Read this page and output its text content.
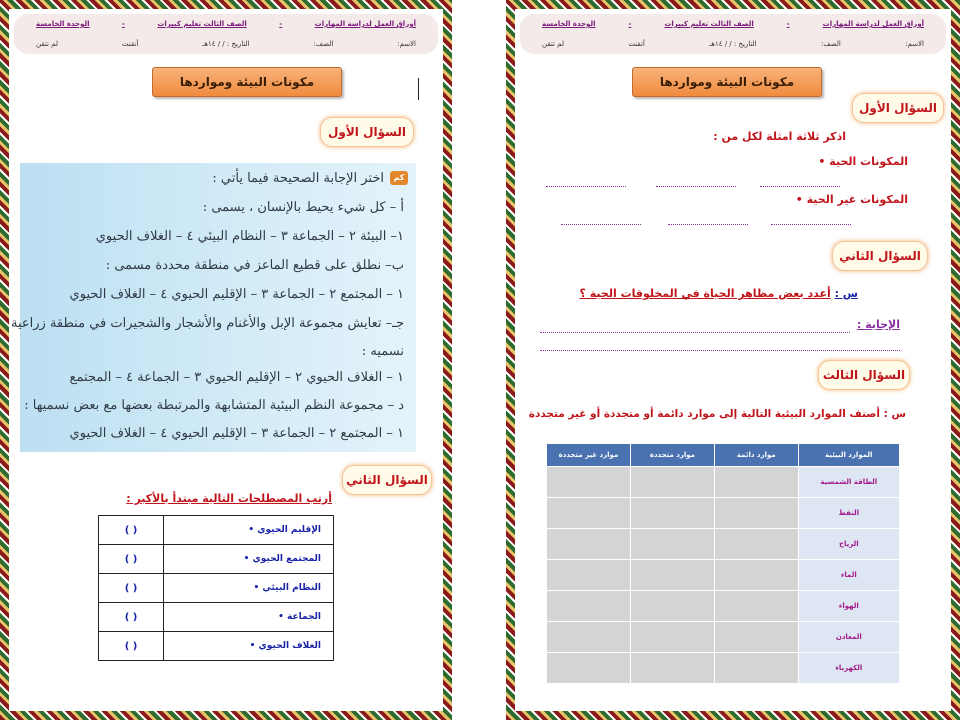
أوراق العمل لدراسة المهارات
-
الصف الثالث تعليم كبيرات
-
الوحدة الخامسة
الاسم:
الصف:
التاريخ : / / ١٤هـ
أتقنت
لم تتقن
مكونات البيئة ومواردها
السؤال الأول
كم
اختر الإجابة الصحيحة فيما يأتي :
أ – كل شيء يحيط بالإنسان ، يسمى :
١– البيئة ٢ – الجماعة ٣ – النظام البيئي ٤ – الغلاف الحيوي
ب– نطلق على قطيع الماعز في منطقة محددة مسمى :
١ – المجتمع ٢ – الجماعة ٣ – الإقليم الحيوي ٤ – الغلاف الحيوي
جـ– تعايش مجموعة الإبل والأغنام والأشجار والشجيرات في منطقة زراعية
نسميه :
١ – الغلاف الحيوي ٢ – الإقليم الحيوي ٣ – الجماعة ٤ – المجتمع
د – مجموعة النظم البيئية المتشابهة والمرتبطة بعضها مع بعض نسميها :
١ – المجتمع ٢ – الجماعة ٣ – الإقليم الحيوي ٤ – الغلاف الحيوي
السؤال الثاني
أرتب المصطلحات التالية مبتدأ بالأكبر :
( )	الإقليم الحيوي •
( )	المجتمع الحيوي •
( )	النظام البيئي •
( )	الجماعة •
( )	الغلاف الحيوي •
أوراق العمل لدراسة المهارات
-
الصف الثالث تعليم كبيرات
-
الوحدة الخامسة
الاسم:
الصف:
التاريخ : / / ١٤هـ
أتقنت
لم تتقن
مكونات البيئة ومواردها
السؤال الأول
اذكر ثلاثة امثلة لكل من :
المكونات الحية •
المكونات غير الحية •
السؤال الثاني
س : أعدد بعض مظاهر الحياة في المخلوقات الحية ؟
الإجابة :
السؤال الثالث
س : أصنف الموارد البيئية التالية إلى موارد دائمة أو متجددة أو غير متجددة
موارد غير متجددة	موارد متجددة	موارد دائمة	الموارد البيئية
			الطاقة الشمسية
			النفط
			الرياح
			الماء
			الهواء
			المعادن
			الكهرباء
